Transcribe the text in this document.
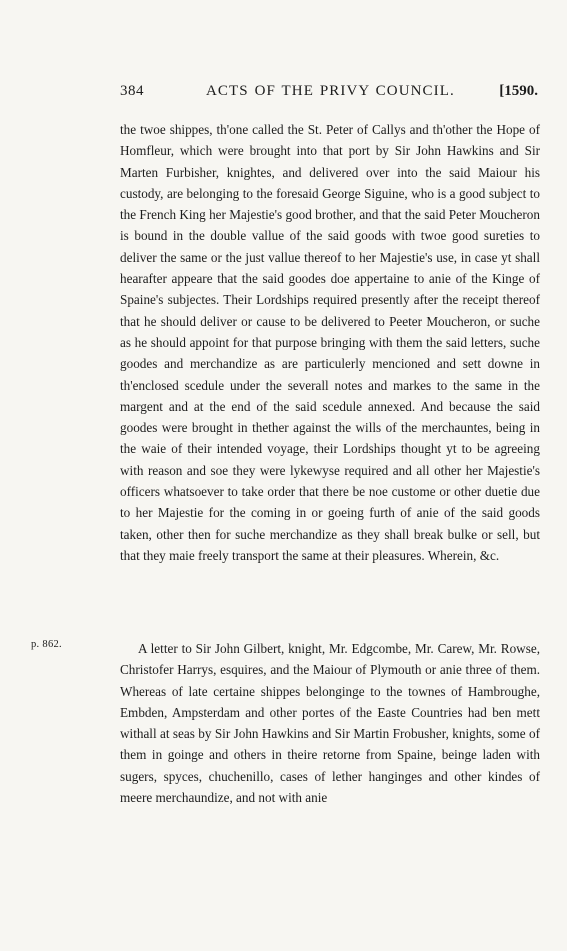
384	ACTS OF THE PRIVY COUNCIL.	[1590.

the twoe shippes, th'one called the St. Peter of Callys and th'other the Hope of Homfleur, which were brought into that port by Sir John Hawkins and Sir Marten Furbisher, knightes, and delivered over into the said Maiour his custody, are belonging to the foresaid George Siguine, who is a good subject to the French King her Majestie's good brother, and that the said Peter Moucheron is bound in the double vallue of the said goods with twoe good sureties to deliver the same or the just vallue thereof to her Majestie's use, in case yt shall hearafter appeare that the said goodes doe appertaine to anie of the Kinge of Spaine's subjectes. Their Lordships required presently after the receipt thereof that he should deliver or cause to be delivered to Peeter Moucheron, or suche as he should appoint for that purpose bringing with them the said letters, suche goodes and merchandize as are particulerly mencioned and sett downe in th'enclosed scedule under the severall notes and markes to the same in the margent and at the end of the said scedule annexed. And because the said goodes were brought in thether against the wills of the merchauntes, being in the waie of their intended voyage, their Lordships thought yt to be agreeing with reason and soe they were lykewyse required and all other her Majestie's officers whatsoever to take order that there be noe custome or other duetie due to her Majestie for the coming in or goeing furth of anie of the said goods taken, other then for suche merchandize as they shall break bulke or sell, but that they maie freely transport the same at their pleasures. Wherein, &c.

p. 862.	A letter to Sir John Gilbert, knight, Mr. Edgcombe, Mr. Carew, Mr. Rowse, Christofer Harrys, esquires, and the Maiour of Plymouth or anie three of them. Whereas of late certaine shippes belonginge to the townes of Hambroughe, Embden, Ampsterdam and other portes of the Easte Countries had ben mett withall at seas by Sir John Hawkins and Sir Martin Frobusher, knights, some of them in goinge and others in theire retorne from Spaine, beinge laden with sugers, spyces, chuchenillo, cases of lether hanginges and other kindes of meere merchaundize, and not with anie
